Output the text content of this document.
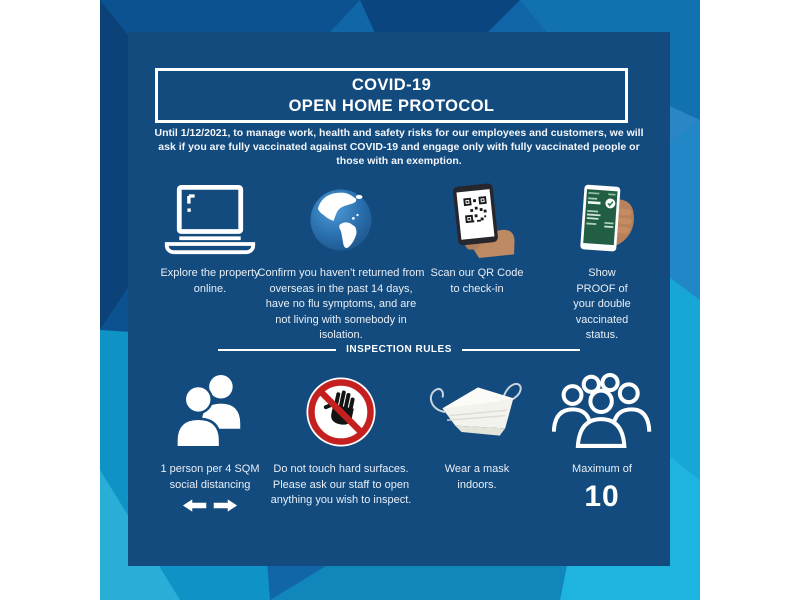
COVID-19
OPEN HOME PROTOCOL
Until 1/12/2021, to manage work, health and safety risks for our employees and customers, we will ask if you are fully vaccinated against COVID-19 and engage only with fully vaccinated people or those with an exemption.
Explore the property online.
Confirm you haven’t returned from overseas in the past 14 days, have no flu symptoms, and are not living with somebody in isolation.
Scan our QR Code to check-in
Show PROOF of your double vaccinated status.
INSPECTION RULES
1 person per 4 SQM social distancing
Do not touch hard surfaces. Please ask our staff to open anything you wish to inspect.
Wear a mask indoors.
Maximum of
10
